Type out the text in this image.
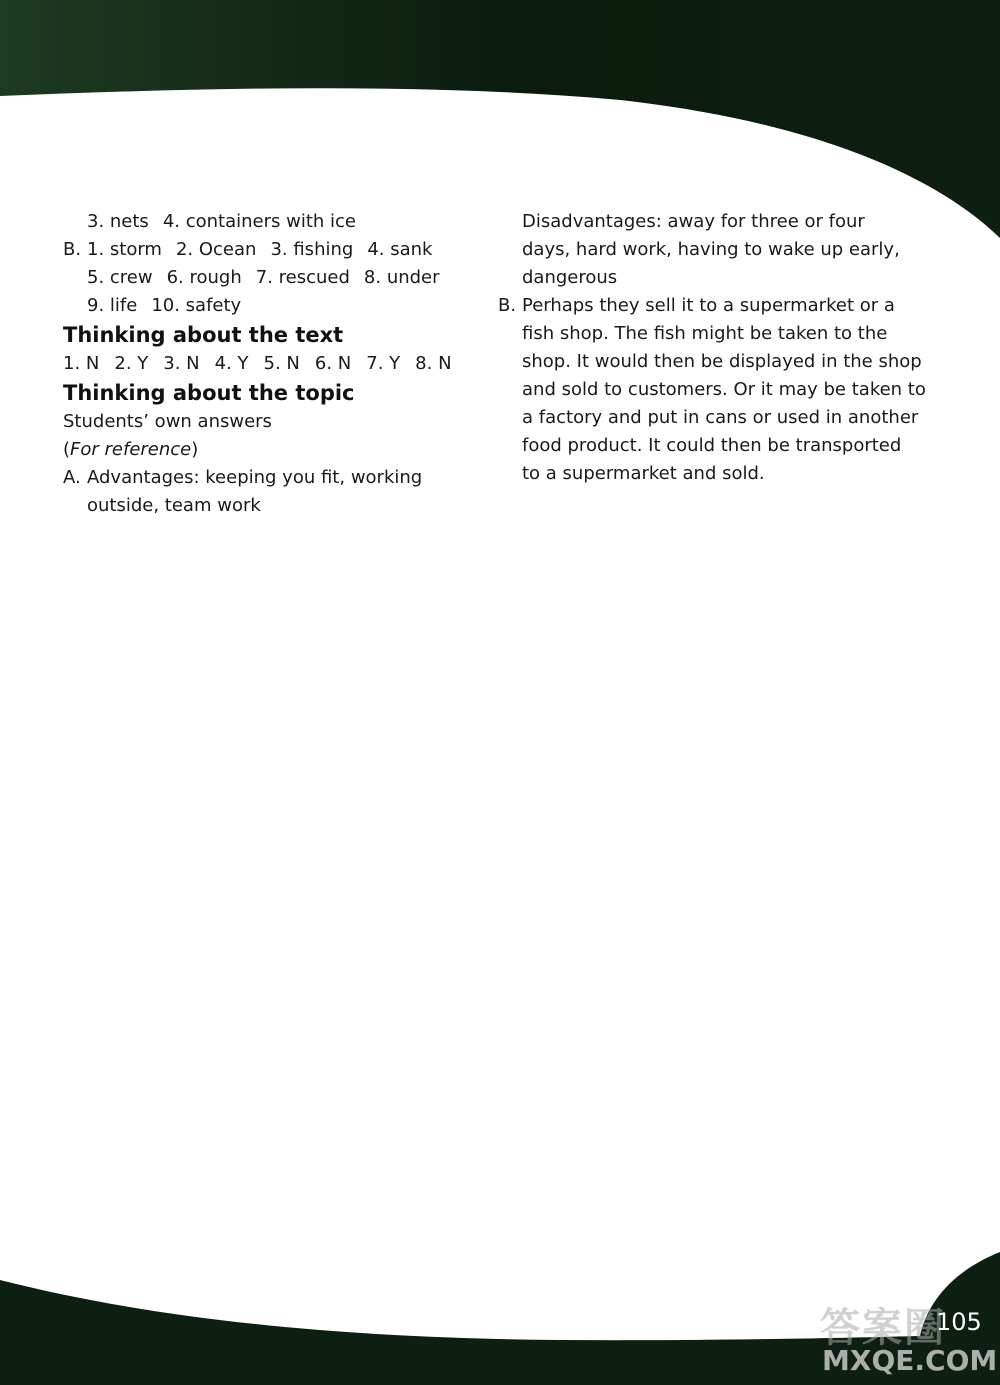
3. nets 4. containers with ice
B. 1. storm 2. Ocean 3. fishing 4. sank
5. crew 6. rough 7. rescued 8. under
9. life 10. safety
Thinking about the text
1. N 2. Y 3. N 4. Y 5. N 6. N 7. Y 8. N
Thinking about the topic
Students’ own answers
(For reference)
A. Advantages: keeping you fit, working
outside, team work
Disadvantages: away for three or four
days, hard work, having to wake up early,
dangerous
B. Perhaps they sell it to a supermarket or a
fish shop. The fish might be taken to the
shop. It would then be displayed in the shop
and sold to customers. Or it may be taken to
a factory and put in cans or used in another
food product. It could then be transported
to a supermarket and sold.
答案圈
MXQE.COM
105
